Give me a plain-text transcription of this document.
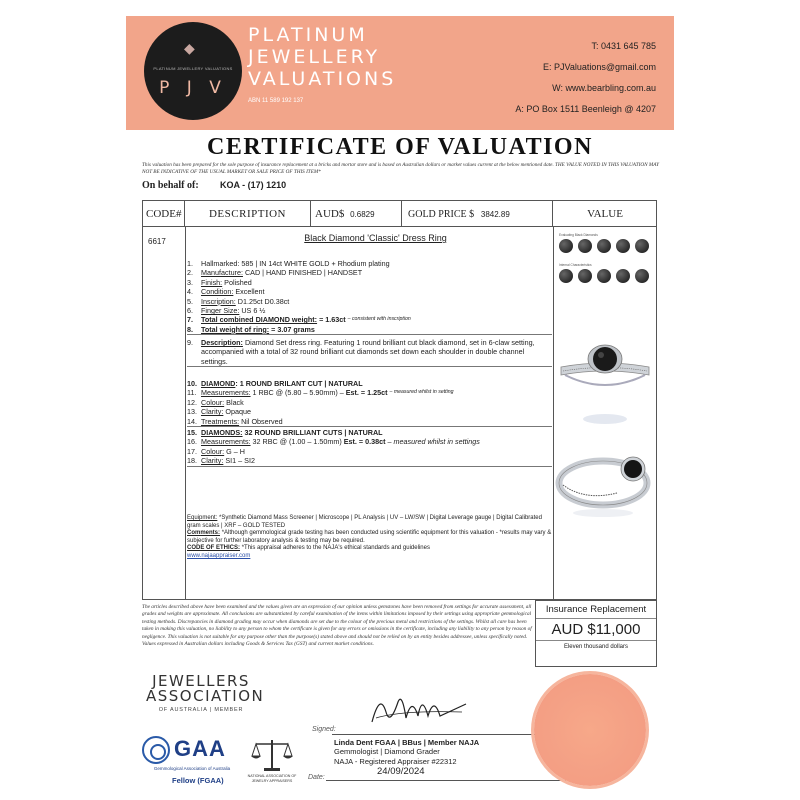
◆
PLATINUM JEWELLERY VALUATIONS
P J V
PLATINUM
JEWELLERY
VALUATIONS
ABN 11 589 192 137
T: 0431 645 785
E: PJValuations@gmail.com
W: www.bearbling.com.au
A: PO Box 1511 Beenleigh @ 4207
CERTIFICATE OF VALUATION
This valuation has been prepared for the sole purpose of insurance replacement at a bricks and mortar store and is based on Australian dollars or market values current at the below mentioned date. THE VALUE NOTED IN THIS VALUATION MAY NOT BE INDICATIVE OF THE USUAL MARKET OR SALE PRICE OF THIS ITEM*
On behalf of: KOA - (17) 1210
CODE#	DESCRIPTION	AUD$ 0.6829	GOLD PRICE $ 3842.89	VALUE
6617	Black Diamond 'Classic' Dress Ring
1.	Hallmarked: 585 | IN 14ct WHITE GOLD + Rhodium plating
2.	Manufacture:
CAD | HAND FINISHED | HANDSET
3.	Finish:
Polished
4.	Condition:
Excellent
5.	Inscription:
D1.25ct D0.38ct
6.	Finger Size:
US 6 ½
7.	Total combined DIAMOND weight:
= 1.63ct
– consistent with inscription
8.	Total weight of ring:
= 3.07 grams
9.	Description: Diamond Set dress ring. Featuring 1 round brilliant cut black diamond, set in 6-claw setting, accompanied with a total of 32 round brilliant cut diamonds set down each shoulder in double channel settings.
10. DIAMOND : 1 ROUND BRILANT CUT | NATURAL
11. Measurements:
1 RBC @ (5.80 – 5.90mm) –
Est. = 1.25ct
– measured whilst in setting
12. Colour:
Black
13. Clarity:
Opaque
14. Treatments:
Nil Observed
15. DIAMONDS:
32 ROUND BRILLIANT CUTS | NATURAL
16. Measurements:
32 RBC @ (1.00 – 1.50mm)
Est. = 0.38ct
– measured whilst in settings
17. Colour:
G – H
18. Clarity:
SI1 – SI2
Equipment: *Synthetic Diamond Mass Screener | Microscope | PL Analysis | UV – LW/SW | Digital Leverage gauge | Digital Calibrated gram scales | XRF – GOLD TESTED
Comments: *Although gemmological grade testing has been conducted using scientific equipment for this valuation - *results may vary & subjective for further laboratory analysis & testing may be required.
CODE OF ETHICS: *This appraisal adheres to the NAJA's ethical standards and guidelines
www.najaappraiser.com
Evaluating Black Diamonds
Internal Characteristics
The articles described above have been examined and the values given are an expression of our opinion unless gemstones have been removed from settings for accurate assessment, all grades and weights are approximate. All conclusions are substantiated by careful examination of the items within limitations imposed by their settings using appropriate gemmological testing methods. Discrepancies in diamond grading may occur when diamonds are set due to the colour of the precious metal and restrictions of the settings. Whilst all care has been taken in making this valuation, no liability to any person to whom the certificate is given for any errors or omissions in the certificate, including any liability to any person by reason of negligence. This valuation is not suitable for any purpose other than the purpose(s) stated above and should not be relied on by an entity besides addressee, unless specifically noted. Values expressed in Australian dollars including Goods & Services Tax (GST) and current market conditions.
Insurance Replacement
AUD $11,000
Eleven thousand dollars
JEWELLERS
ASSOCIATION
OF AUSTRALIA | MEMBER
GAA
Gemmological Association of Australia
Fellow (FGAA)	NATIONAL ASSOCIATION OF JEWELRY APPRAISERS
Signed:
Linda Dent FGAA | BBus | Member NAJA
Gemmologist | Diamond Grader
NAJA - Registered Appraiser #22312
Date:
24/09/2024
